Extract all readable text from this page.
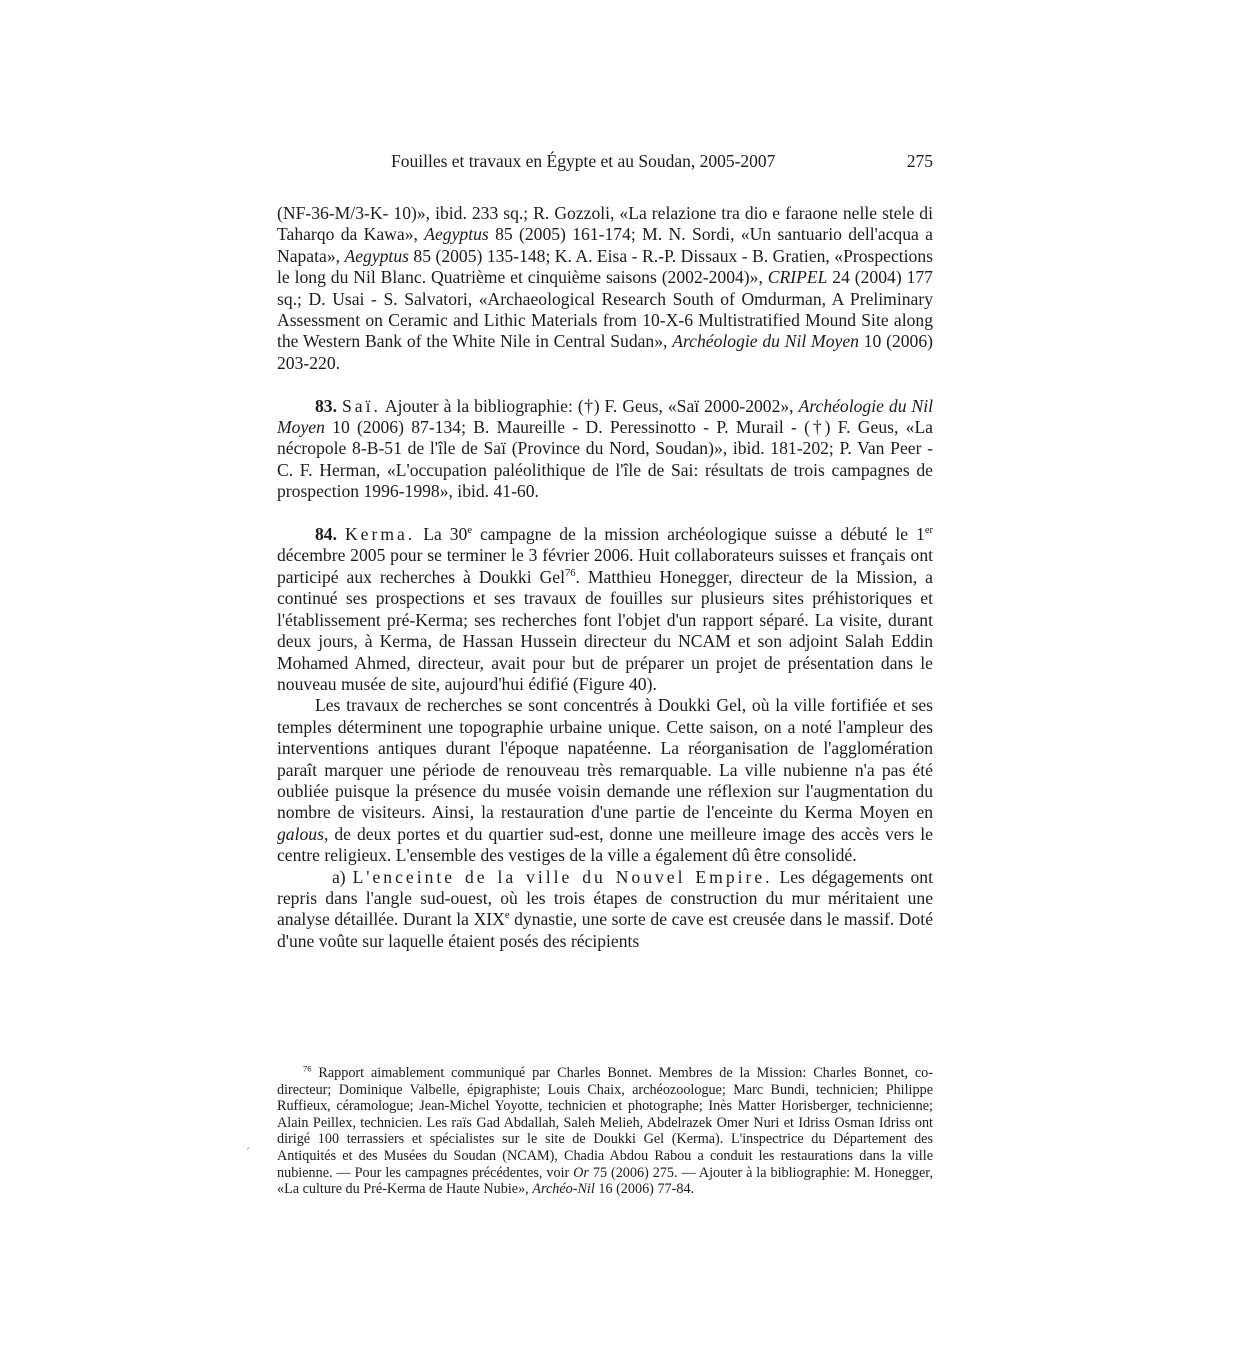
Fouilles et travaux en Égypte et au Soudan, 2005-2007	275

(NF-36-M/3-K- 10)», ibid. 233 sq.; R. Gozzoli, «La relazione tra dio e faraone nelle stele di Taharqo da Kawa», Aegyptus 85 (2005) 161-174; M. N. Sordi, «Un santuario dell'acqua a Napata», Aegyptus 85 (2005) 135-148; K. A. Eisa - R.-P. Dissaux - B. Gratien, «Prospections le long du Nil Blanc. Quatrième et cinquième saisons (2002-2004)», CRIPEL 24 (2004) 177 sq.; D. Usai - S. Salvatori, «Archaeological Research South of Omdurman, A Preliminary Assessment on Ceramic and Lithic Materials from 10-X-6 Multistratified Mound Site along the Western Bank of the White Nile in Central Sudan», Archéologie du Nil Moyen 10 (2006) 203-220.

83. Saï. Ajouter à la bibliographie: (†) F. Geus, «Saï 2000-2002», Archéologie du Nil Moyen 10 (2006) 87-134; B. Maureille - D. Peressinotto - P. Murail - (†) F. Geus, «La nécropole 8-B-51 de l'île de Saï (Province du Nord, Soudan)», ibid. 181-202; P. Van Peer - C. F. Herman, «L'occupation paléolithique de l'île de Sai: résultats de trois campagnes de prospection 1996-1998», ibid. 41-60.

84. Kerma. La 30e campagne de la mission archéologique suisse a débuté le 1er décembre 2005 pour se terminer le 3 février 2006. Huit collaborateurs suisses et français ont participé aux recherches à Doukki Gel$^{76}$. Matthieu Honegger, directeur de la Mission, a continué ses prospections et ses travaux de fouilles sur plusieurs sites préhistoriques et l'établissement pré-Kerma; ses recherches font l'objet d'un rapport séparé. La visite, durant deux jours, à Kerma, de Hassan Hussein directeur du NCAM et son adjoint Salah Eddin Mohamed Ahmed, directeur, avait pour but de préparer un projet de présentation dans le nouveau musée de site, aujourd'hui édifié (Figure 40).

Les travaux de recherches se sont concentrés à Doukki Gel, où la ville fortifiée et ses temples déterminent une topographie urbaine unique. Cette saison, on a noté l'ampleur des interventions antiques durant l'époque napatéenne. La réorganisation de l'agglomération paraît marquer une période de renouveau très remarquable. La ville nubienne n'a pas été oubliée puisque la présence du musée voisin demande une réflexion sur l'augmentation du nombre de visiteurs. Ainsi, la restauration d'une partie de l'enceinte du Kerma Moyen en galous, de deux portes et du quartier sud-est, donne une meilleure image des accès vers le centre religieux. L'ensemble des vestiges de la ville a également dû être consolidé.

a) L'enceinte de la ville du Nouvel Empire. Les dégagements ont repris dans l'angle sud-ouest, où les trois étapes de construction du mur méritaient une analyse détaillée. Durant la XIXe dynastie, une sorte de cave est creusée dans le massif. Doté d'une voûte sur laquelle étaient posés des récipients

ˊ

$^{76}$ Rapport aimablement communiqué par Charles Bonnet. Membres de la Mission: Charles Bonnet, co-directeur; Dominique Valbelle, épigraphiste; Louis Chaix, archéozoologue; Marc Bundi, technicien; Philippe Ruffieux, céramologue; Jean-Michel Yoyotte, technicien et photographe; Inès Matter Horisberger, technicienne; Alain Peillex, technicien. Les raïs Gad Abdallah, Saleh Melieh, Abdelrazek Omer Nuri et Idriss Osman Idriss ont dirigé 100 terrassiers et spécialistes sur le site de Doukki Gel (Kerma). L'inspectrice du Département des Antiquités et des Musées du Soudan (NCAM), Chadia Abdou Rabou a conduit les restaurations dans la ville nubienne. — Pour les campagnes précédentes, voir Or 75 (2006) 275. — Ajouter à la bibliographie: M. Honegger, «La culture du Pré-Kerma de Haute Nubie», Archéo-Nil 16 (2006) 77-84.
